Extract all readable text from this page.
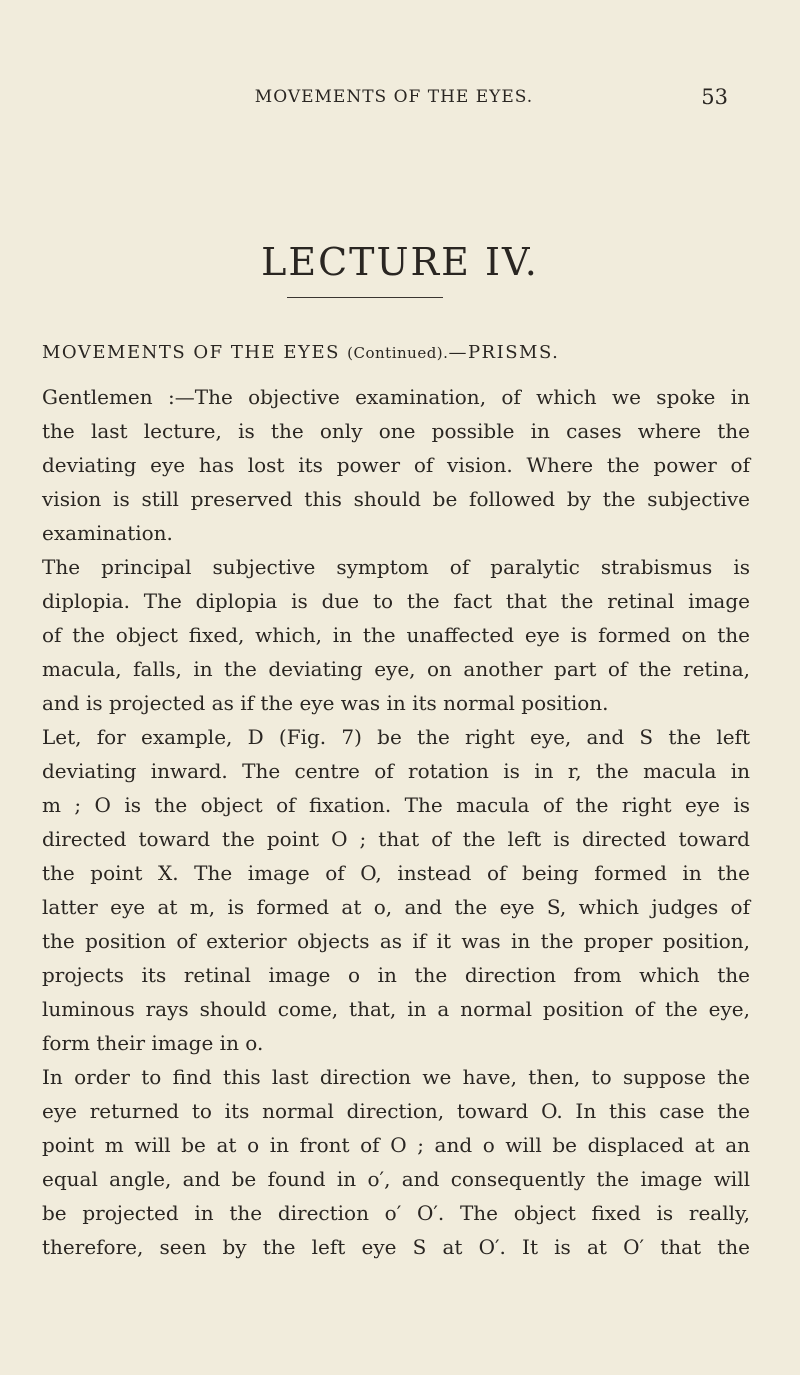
MOVEMENTS OF THE EYES.	53
LECTURE IV.
MOVEMENTS OF THE EYES (Continued).—PRISMS.
Gentlemen :—The objective examination, of which we spoke in
the last lecture, is the only one possible in cases where the
deviating eye has lost its power of vision. Where the power of
vision is still preserved this should be followed by the subjective
examination.
The principal subjective symptom of paralytic strabismus is
diplopia. The diplopia is due to the fact that the retinal image
of the object fixed, which, in the unaffected eye is formed on the
macula, falls, in the deviating eye, on another part of the retina,
and is projected as if the eye was in its normal position.
Let, for example, D (Fig. 7) be the right eye, and S the left
deviating inward. The centre of rotation is in r, the macula in
m ; O is the object of fixation. The macula of the right eye is
directed toward the point O ; that of the left is directed toward
the point X. The image of O, instead of being formed in the
latter eye at m, is formed at o, and the eye S, which judges of
the position of exterior objects as if it was in the proper position,
projects its retinal image o in the direction from which the
luminous rays should come, that, in a normal position of the eye,
form their image in o.
In order to find this last direction we have, then, to suppose the
eye returned to its normal direction, toward O. In this case the
point m will be at o in front of O ; and o will be displaced at an
equal angle, and be found in o′, and consequently the image will
be projected in the direction o′ O′. The object fixed is really,
therefore, seen by the left eye S at O′. It is at O′ that the
